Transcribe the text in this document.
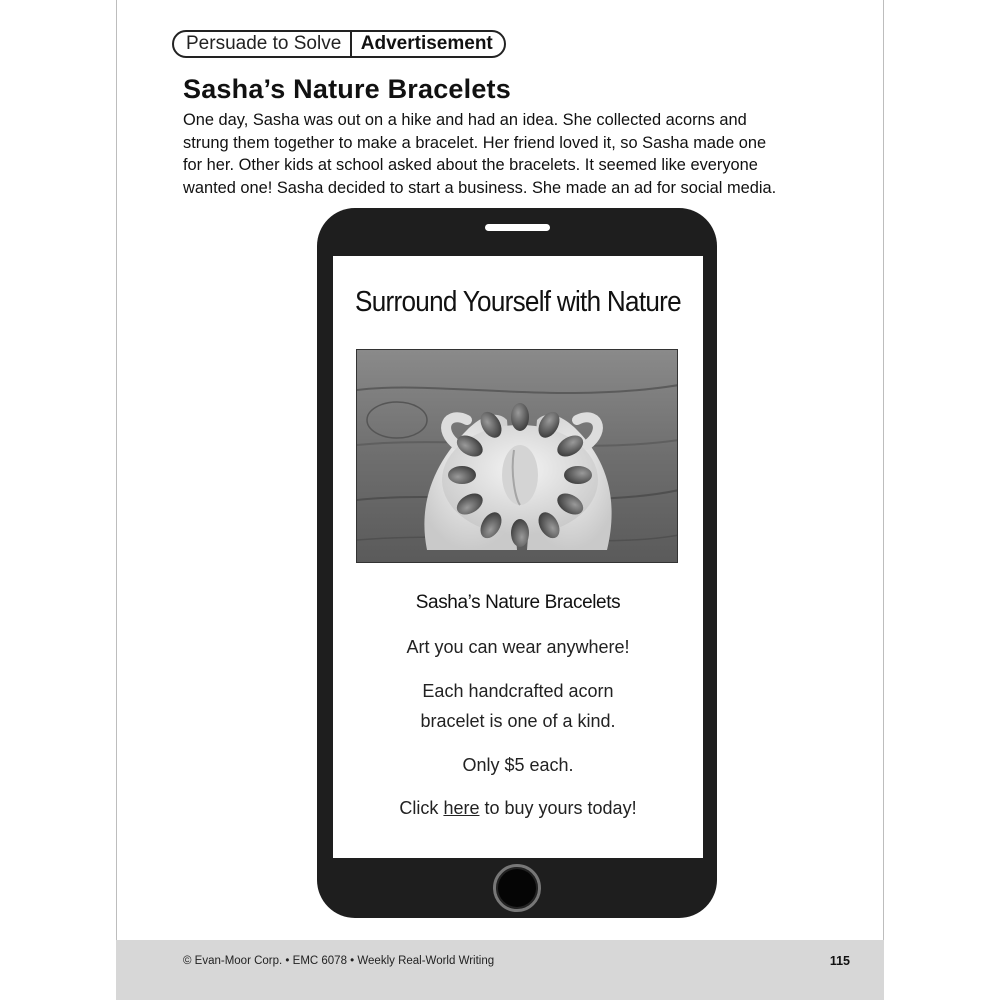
Persuade to Solve	Advertisement
Sasha’s Nature Bracelets
One day, Sasha was out on a hike and had an idea. She collected acorns and
strung them together to make a bracelet. Her friend loved it, so Sasha made one
for her. Other kids at school asked about the bracelets. It seemed like everyone
wanted one! Sasha decided to start a business. She made an ad for social media.
Surround Yourself with Nature
Sasha’s Nature Bracelets
Art you can wear anywhere!
Each handcrafted acorn
bracelet is one of a kind.
Only $5 each.
Click here to buy yours today!
© Evan-Moor Corp. • EMC 6078 • Weekly Real-World Writing	115
